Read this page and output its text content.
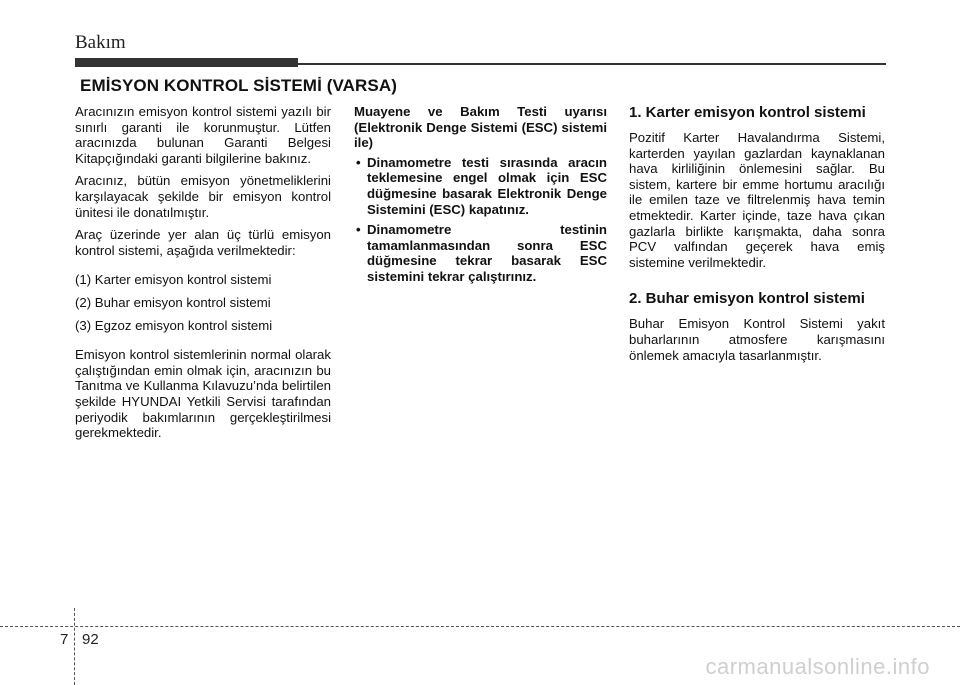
Bakım
EMİSYON KONTROL SİSTEMİ (VARSA)

Aracınızın emisyon kontrol sistemi yazılı bir sınırlı garanti ile korunmuştur. Lütfen aracınızda bulunan Garanti Belgesi Kitapçığındaki garanti bilgilerine bakınız.

Aracınız, bütün emisyon yönetmeliklerini karşılayacak şekilde bir emisyon kontrol ünitesi ile donatılmıştır.

Araç üzerinde yer alan üç türlü emisyon kontrol sistemi, aşağıda verilmektedir:

(1) Karter emisyon kontrol sistemi
(2) Buhar emisyon kontrol sistemi
(3) Egzoz emisyon kontrol sistemi

Emisyon kontrol sistemlerinin normal olarak çalıştığından emin olmak için, aracınızın bu Tanıtma ve Kullanma Kılavuzu’nda belirtilen şekilde HYUNDAI Yetkili Servisi tarafından periyodik bakımlarının gerçekleştirilmesi gerekmektedir.

Muayene ve Bakım Testi uyarısı (Elektronik Denge Sistemi (ESC) sistemi ile)

• Dinamometre testi sırasında aracın teklemesine engel olmak için ESC düğmesine basarak Elektronik Denge Sistemini (ESC) kapatınız.
• Dinamometre testinin tamamlanmasından sonra ESC düğmesine tekrar basarak ESC sistemini tekrar çalıştırınız.
1. Karter emisyon kontrol sistemi

Pozitif Karter Havalandırma Sistemi, karterden yayılan gazlardan kaynaklanan hava kirliliğinin önlemesini sağlar. Bu sistem, kartere bir emme hortumu aracılığı ile emilen taze ve filtrelenmiş hava temin etmektedir. Karter içinde, taze hava çıkan gazlarla birlikte karışmakta, daha sonra PCV valfından geçerek hava emiş sistemine verilmektedir.

2. Buhar emisyon kontrol sistemi

Buhar Emisyon Kontrol Sistemi yakıt buharlarının atmosfere karışmasını önlemek amacıyla tasarlanmıştır.

7 92
carmanualsonline.info
